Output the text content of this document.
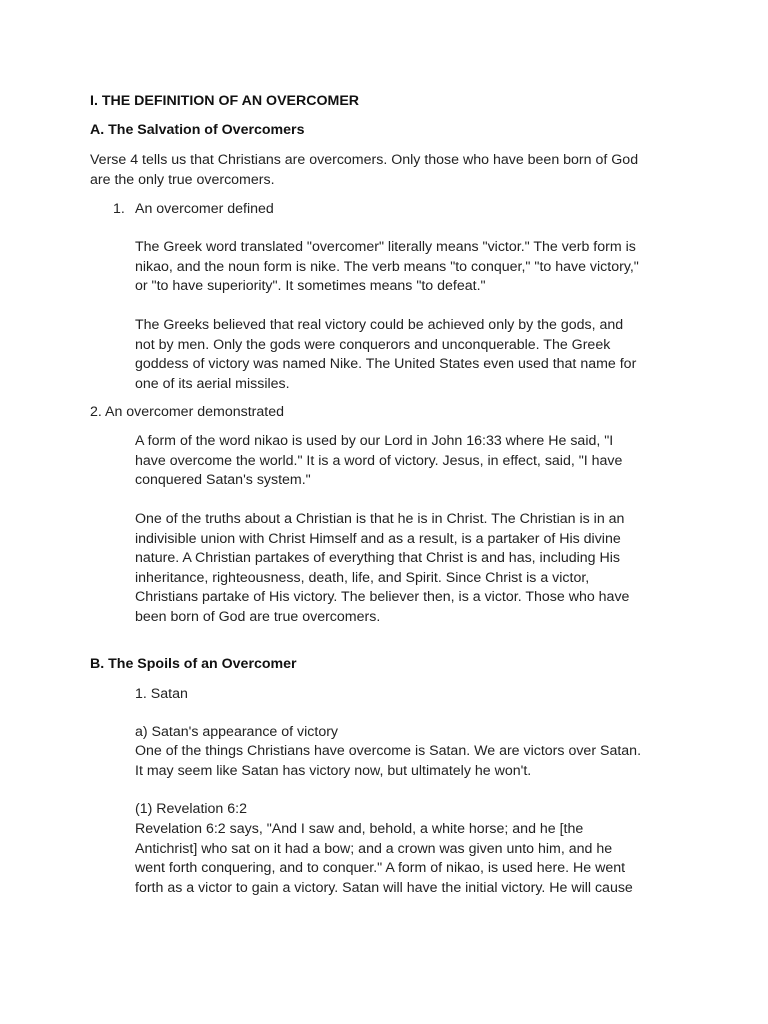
I. THE DEFINITION OF AN OVERCOMER
A. The Salvation of Overcomers
Verse 4 tells us that Christians are overcomers. Only those who have been born of God
are the only true overcomers.
1. An overcomer defined
The Greek word translated "overcomer" literally means "victor." The verb form is
nikao, and the noun form is nike. The verb means "to conquer," "to have victory,"
or "to have superiority". It sometimes means "to defeat."
The Greeks believed that real victory could be achieved only by the gods, and
not by men. Only the gods were conquerors and unconquerable. The Greek
goddess of victory was named Nike. The United States even used that name for
one of its aerial missiles.
2. An overcomer demonstrated
A form of the word nikao is used by our Lord in John 16:33 where He said, "I
have overcome the world." It is a word of victory. Jesus, in effect, said, "I have
conquered Satan's system."
One of the truths about a Christian is that he is in Christ. The Christian is in an
indivisible union with Christ Himself and as a result, is a partaker of His divine
nature. A Christian partakes of everything that Christ is and has, including His
inheritance, righteousness, death, life, and Spirit. Since Christ is a victor,
Christians partake of His victory. The believer then, is a victor. Those who have
been born of God are true overcomers.
B. The Spoils of an Overcomer
1. Satan
a) Satan's appearance of victory
One of the things Christians have overcome is Satan. We are victors over Satan.
It may seem like Satan has victory now, but ultimately he won't.
(1) Revelation 6:2
Revelation 6:2 says, "And I saw and, behold, a white horse; and he [the
Antichrist] who sat on it had a bow; and a crown was given unto him, and he
went forth conquering, and to conquer." A form of nikao, is used here. He went
forth as a victor to gain a victory. Satan will have the initial victory. He will cause
